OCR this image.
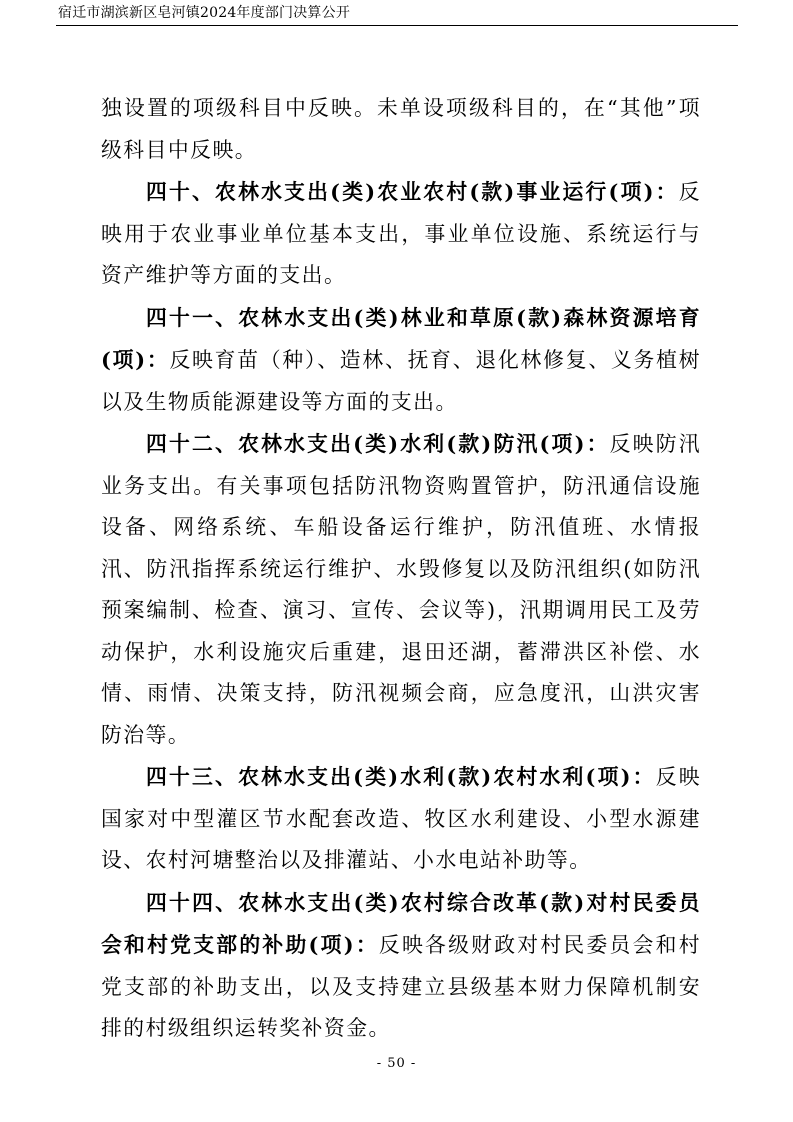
宿迁市湖滨新区皂河镇2024年度部门决算公开

独设置的项级科目中反映。未单设项级科目的，在“其他”项级科目中反映。

四十、农林水支出(类)农业农村(款)事业运行(项)：反映用于农业事业单位基本支出，事业单位设施、系统运行与资产维护等方面的支出。

四十一、农林水支出(类)林业和草原(款)森林资源培育(项)：反映育苗（种）、造林、抚育、退化林修复、义务植树以及生物质能源建设等方面的支出。

四十二、农林水支出(类)水利(款)防汛(项)：反映防汛业务支出。有关事项包括防汛物资购置管护，防汛通信设施设备、网络系统、车船设备运行维护，防汛值班、水情报汛、防汛指挥系统运行维护、水毁修复以及防汛组织(如防汛预案编制、检查、演习、宣传、会议等)，汛期调用民工及劳动保护，水利设施灾后重建，退田还湖，蓄滞洪区补偿、水情、雨情、决策支持，防汛视频会商，应急度汛，山洪灾害防治等。

四十三、农林水支出(类)水利(款)农村水利(项)：反映国家对中型灌区节水配套改造、牧区水利建设、小型水源建设、农村河塘整治以及排灌站、小水电站补助等。

四十四、农林水支出(类)农村综合改革(款)对村民委员会和村党支部的补助(项)：反映各级财政对村民委员会和村党支部的补助支出，以及支持建立县级基本财力保障机制安排的村级组织运转奖补资金。

- 50 -
